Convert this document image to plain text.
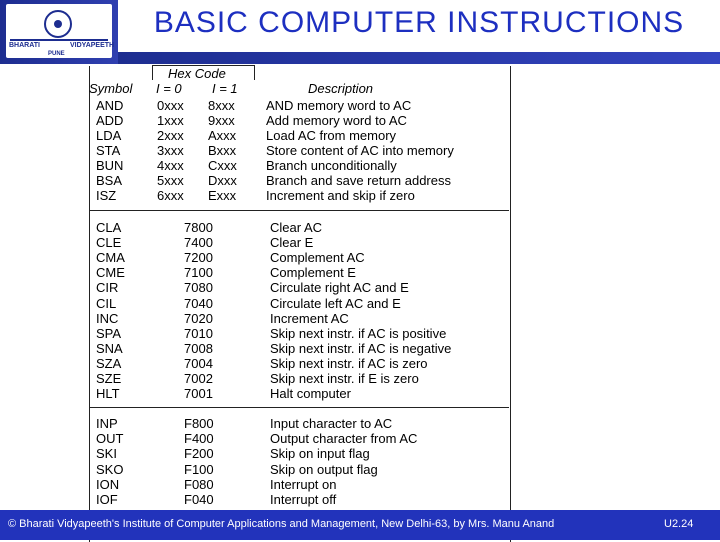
BHARATI	VIDYAPEETH
PUNE
BASIC COMPUTER INSTRUCTIONS
Symbol
Hex Code
I = 0 I = 1	Description
AND	0xxx 8xxx AND memory word to AC
ADD	1xxx 9xxx Add memory word to AC
LDA	2xxx Axxx Load AC from memory
STA	3xxx Bxxx Store content of AC into memory
BUN	4xxx Cxxx Branch unconditionally
BSA	5xxx Dxxx Branch and save return address
ISZ	6xxx Exxx Increment and skip if zero
CLA	7800	Clear AC
CLE	7400	Clear E
CMA	7200	Complement AC
CME	7100	Complement E
CIR	7080	Circulate right AC and E
CIL	7040	Circulate left AC and E
INC	7020	Increment AC
SPA	7010	Skip next instr. if AC is positive
SNA	7008	Skip next instr. if AC is negative
SZA	7004	Skip next instr. if AC is zero
SZE	7002	Skip next instr. if E is zero
HLT	7001	Halt computer
INP	F800	Input character to AC
OUT	F400	Output character from AC
SKI	F200	Skip on input flag
SKO	F100	Skip on output flag
ION	F080	Interrupt on
IOF	F040	Interrupt off
© Bharati Vidyapeeth's Institute of Computer Applications and Management, New Delhi-63, by Mrs. Manu Anand	U2.24
